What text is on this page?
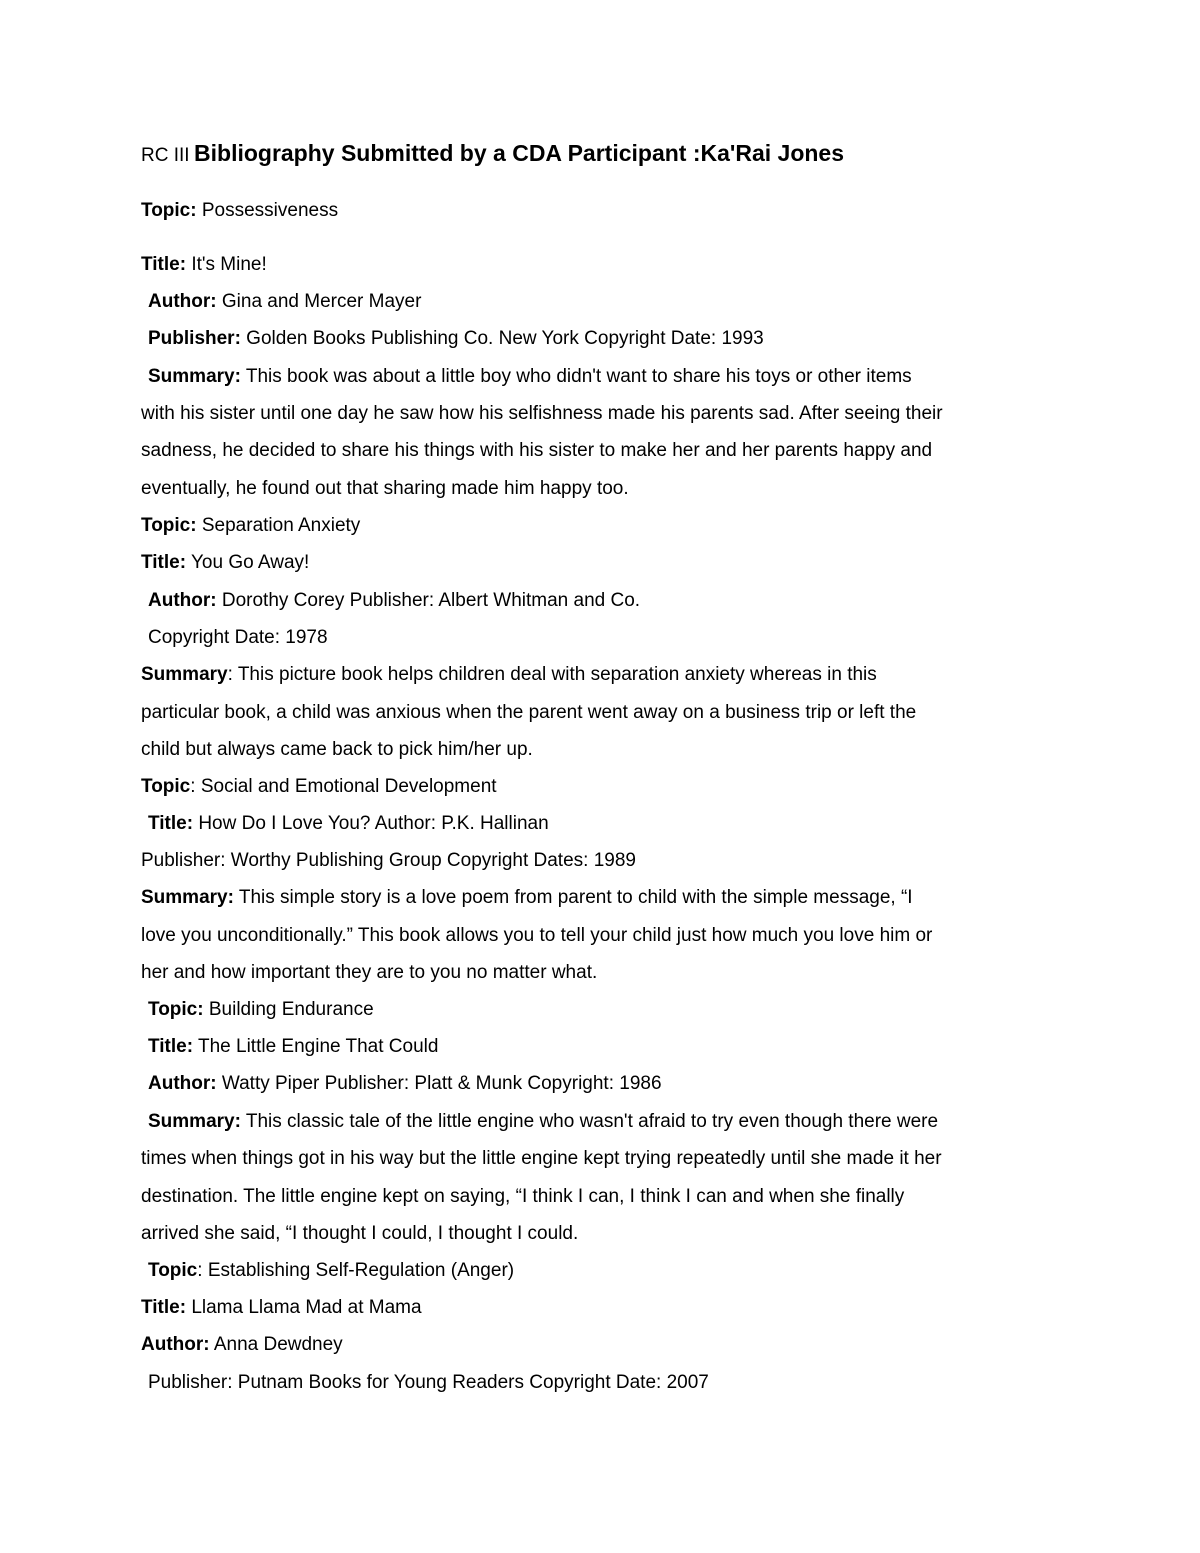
RC III Bibliography Submitted by a CDA Participant :Ka'Rai Jones
Topic: Possessiveness
Title: It's Mine!
Author: Gina and Mercer Mayer
Publisher: Golden Books Publishing Co. New York Copyright Date: 1993
Summary: This book was about a little boy who didn't want to share his toys or other items
with his sister until one day he saw how his selfishness made his parents sad. After seeing their
sadness, he decided to share his things with his sister to make her and her parents happy and
eventually, he found out that sharing made him happy too.
Topic: Separation Anxiety
Title: You Go Away!
Author: Dorothy Corey Publisher: Albert Whitman and Co.
Copyright Date: 1978
Summary: This picture book helps children deal with separation anxiety whereas in this
particular book, a child was anxious when the parent went away on a business trip or left the
child but always came back to pick him/her up.
Topic: Social and Emotional Development
Title: How Do I Love You? Author: P.K. Hallinan
Publisher: Worthy Publishing Group Copyright Dates: 1989
Summary: This simple story is a love poem from parent to child with the simple message, “I
love you unconditionally.” This book allows you to tell your child just how much you love him or
her and how important they are to you no matter what.
Topic: Building Endurance
Title: The Little Engine That Could
Author: Watty Piper Publisher: Platt & Munk Copyright: 1986
Summary: This classic tale of the little engine who wasn't afraid to try even though there were
times when things got in his way but the little engine kept trying repeatedly until she made it her
destination. The little engine kept on saying, “I think I can, I think I can and when she finally
arrived she said, “I thought I could, I thought I could.
Topic: Establishing Self-Regulation (Anger)
Title: Llama Llama Mad at Mama
Author: Anna Dewdney
Publisher: Putnam Books for Young Readers Copyright Date: 2007
